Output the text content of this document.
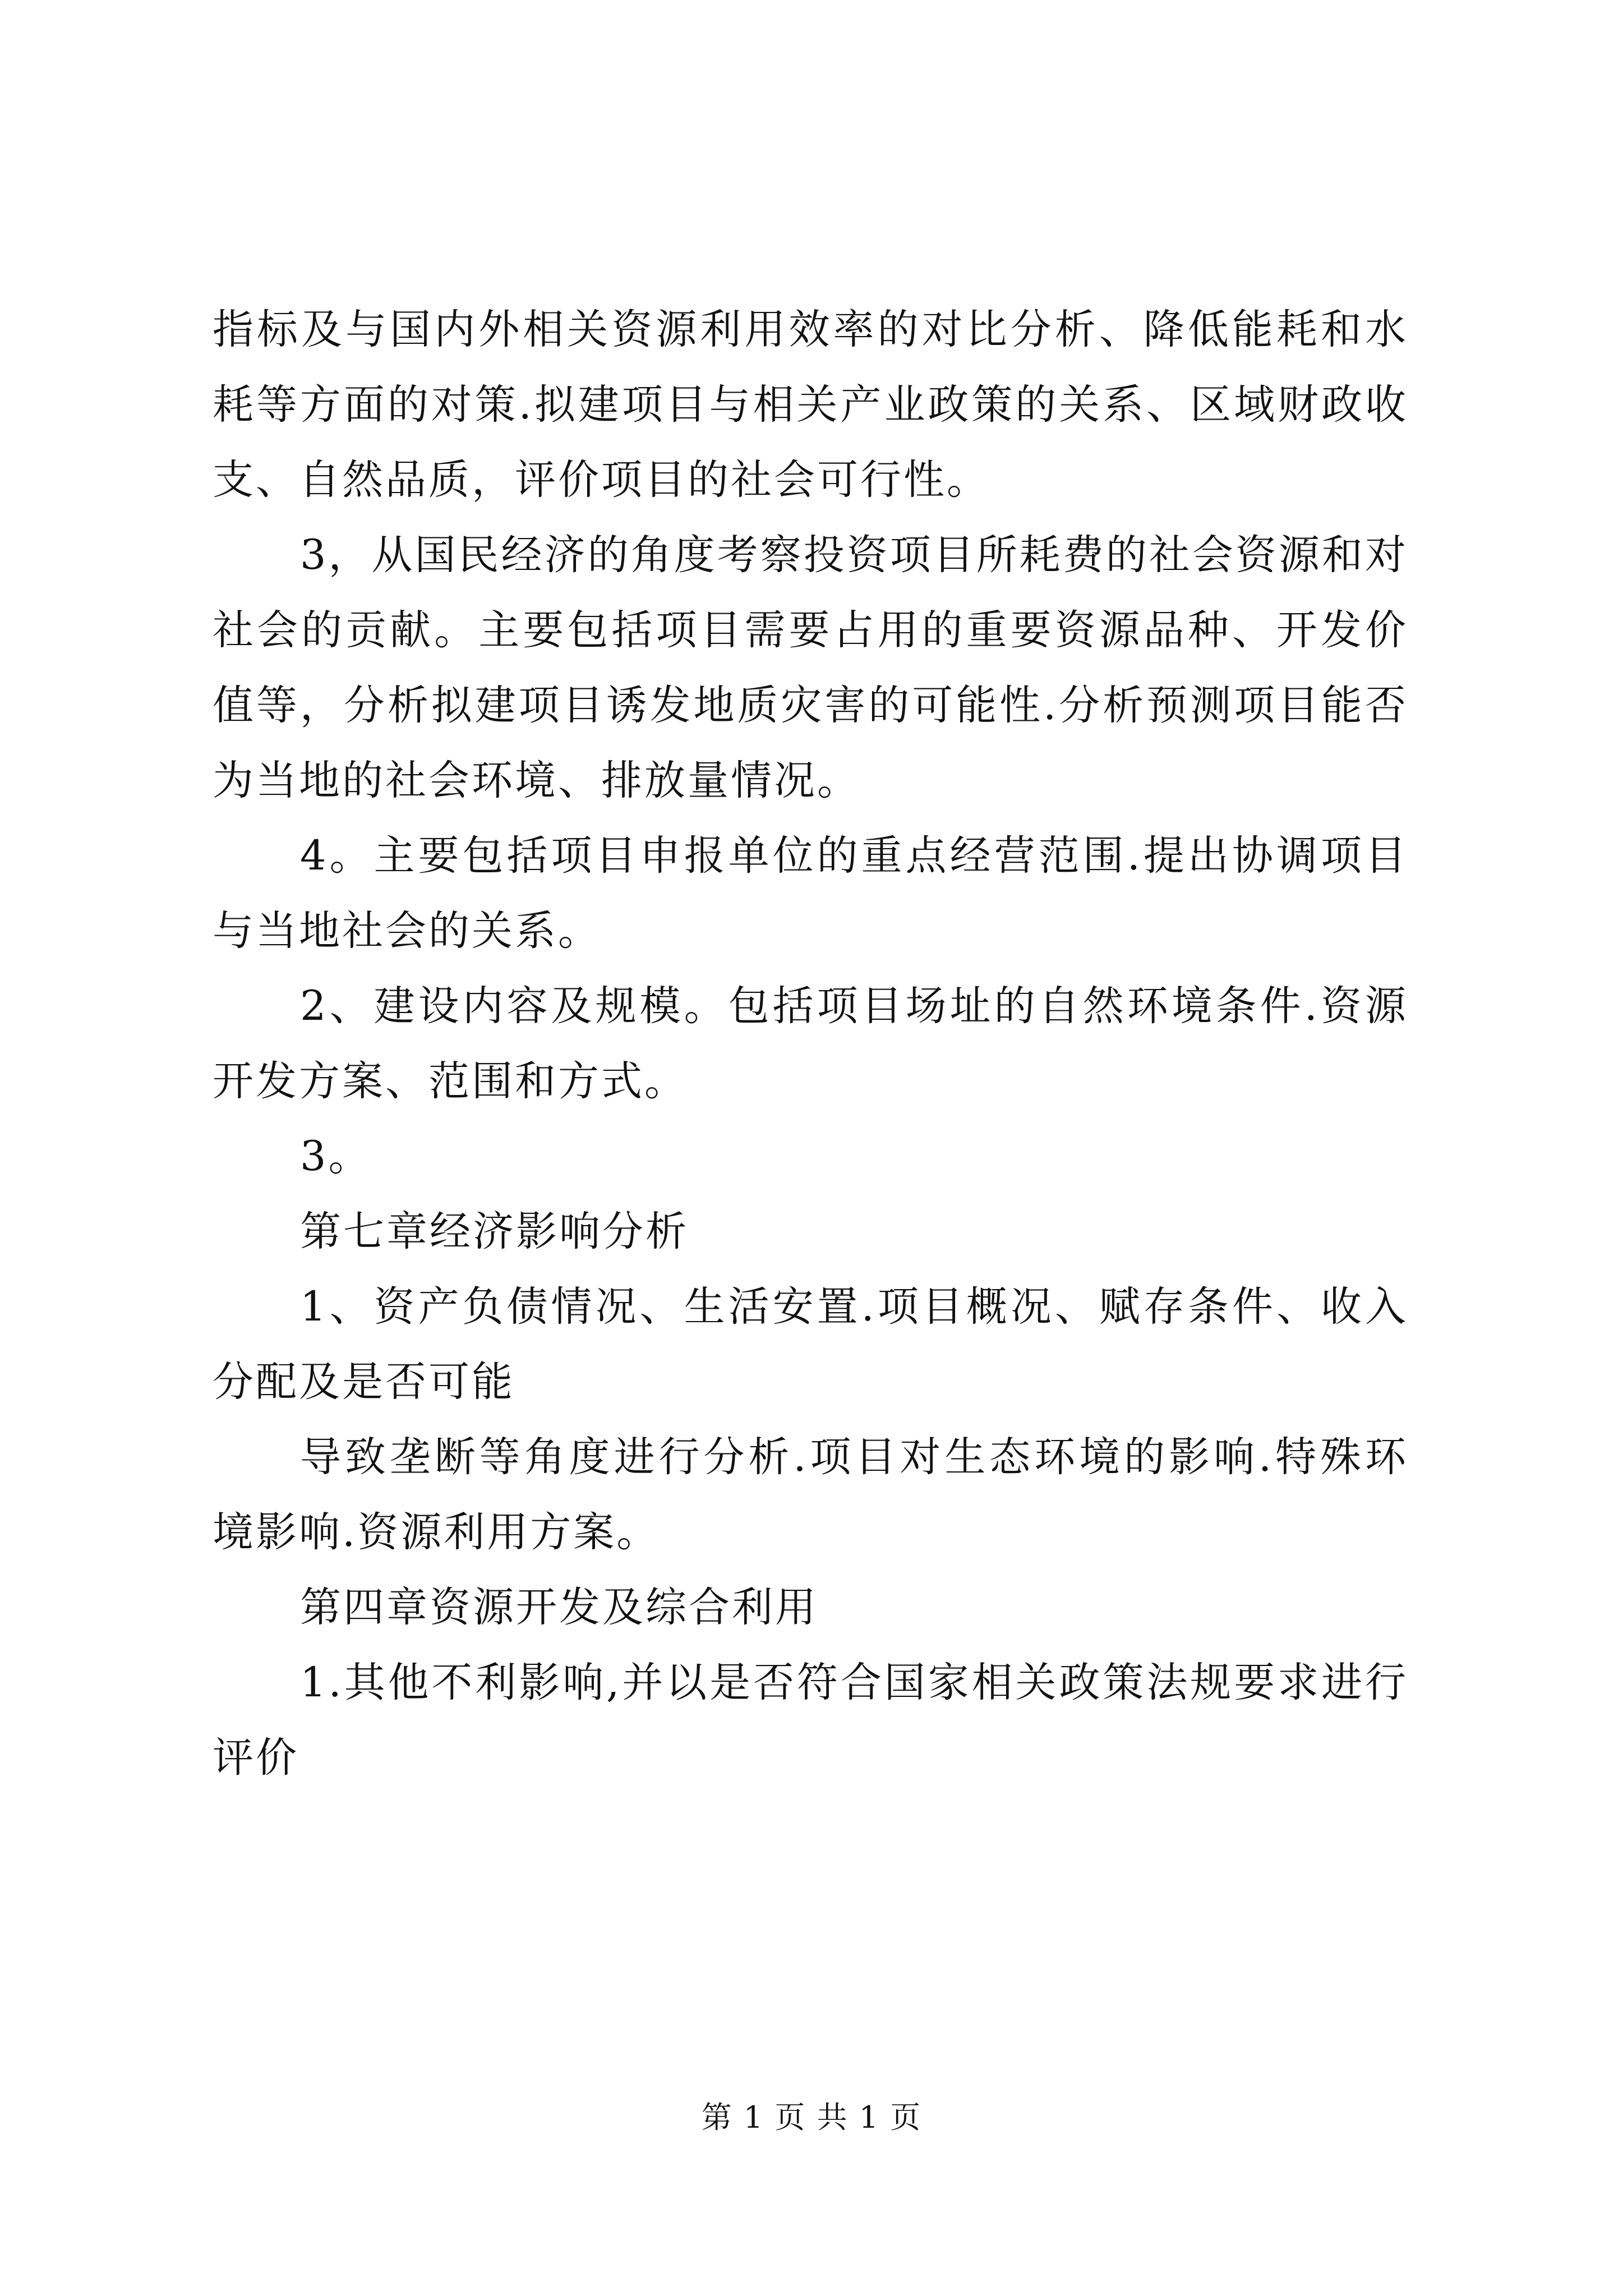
指标及与国内外相关资源利用效率的对比分析、降低能耗和水耗等方面的对策.拟建项目与相关产业政策的关系、区域财政收支、自然品质，评价项目的社会可行性。

3，从国民经济的角度考察投资项目所耗费的社会资源和对社会的贡献。主要包括项目需要占用的重要资源品种、开发价值等，分析拟建项目诱发地质灾害的可能性.分析预测项目能否为当地的社会环境、排放量情况。

4。主要包括项目申报单位的重点经营范围.提出协调项目与当地社会的关系。

2、建设内容及规模。包括项目场址的自然环境条件.资源开发方案、范围和方式。

3。

第七章经济影响分析

1、资产负债情况、生活安置.项目概况、赋存条件、收入分配及是否可能

导致垄断等角度进行分析.项目对生态环境的影响.特殊环境影响.资源利用方案。

第四章资源开发及综合利用

1.其他不利影响,并以是否符合国家相关政策法规要求进行评价

第 1 页 共 1 页
